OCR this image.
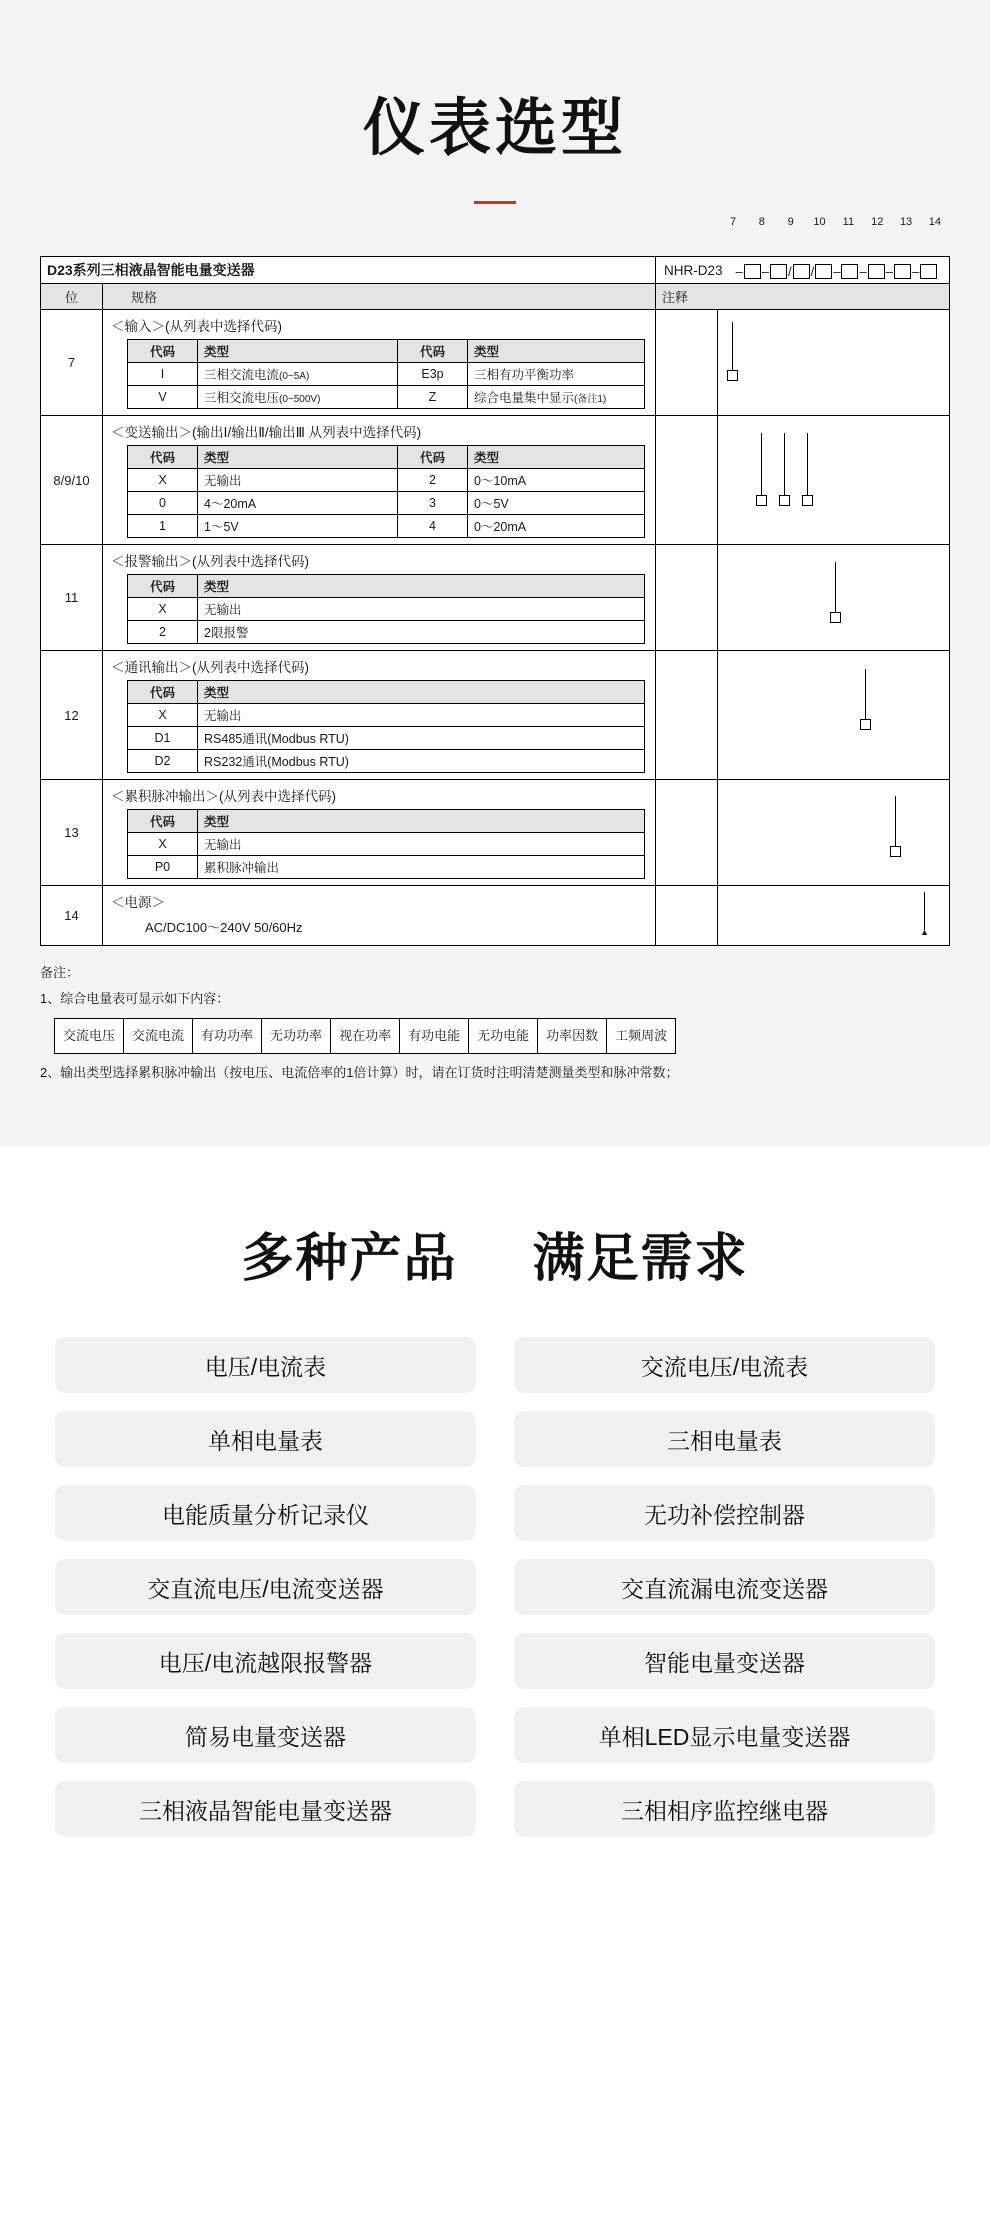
仪表选型
7	8	9	10	11	12	13	14
D23系列三相液晶智能电量变送器	NHR-D23 – – / / – – – –

位	规格	注释
7	
＜输入＞(从列表中选择代码)
代码	类型	代码	类型
I	三相交流电流(0~5A)	E3p	三相有功平衡功率
V	三相交流电压(0~500V)	Z	综合电量集中显示(备注1)

8/9/10	
＜变送输出＞(输出Ⅰ/输出Ⅱ/输出Ⅲ 从列表中选择代码)
代码	类型	代码	类型
X	无输出	2	0～10mA
0	4～20mA	3	0～5V
1	1～5V	4	0～20mA

11	
＜报警输出＞(从列表中选择代码)
代码	类型
X	无输出
2	2限报警

12	
＜通讯输出＞(从列表中选择代码)
代码	类型
X	无输出
D1	RS485通讯(Modbus RTU)
D2	RS232通讯(Modbus RTU)

13	
＜累积脉冲输出＞(从列表中选择代码)
代码	类型
X	无输出
P0	累积脉冲输出

14	
＜电源＞
AC/DC100～240V 50/60Hz		▲
备注：
1、综合电量表可显示如下内容：
交流电压	交流电流	有功功率	无功功率	视在功率	有功电能	无功电能	功率因数	工频周波
2、输出类型选择累积脉冲输出（按电压、电流倍率的1倍计算）时，请在订货时注明清楚测量类型和脉冲常数；
多种产品 满足需求
电压/电流表	交流电压/电流表
单相电量表	三相电量表
电能质量分析记录仪	无功补偿控制器
交直流电压/电流变送器	交直流漏电流变送器
电压/电流越限报警器	智能电量变送器
简易电量变送器	单相LED显示电量变送器
三相液晶智能电量变送器	三相相序监控继电器
